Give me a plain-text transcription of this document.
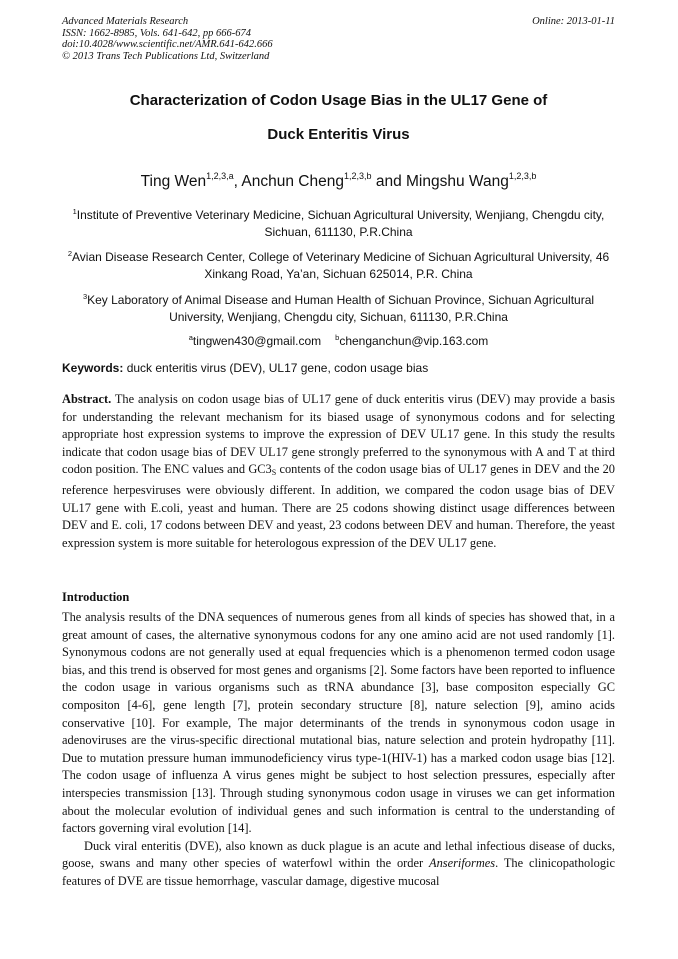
Advanced Materials Research
ISSN: 1662-8985, Vols. 641-642, pp 666-674
doi:10.4028/www.scientific.net/AMR.641-642.666
© 2013 Trans Tech Publications Ltd, Switzerland
Online: 2013-01-11
Characterization of Codon Usage Bias in the UL17 Gene of
Duck Enteritis Virus
Ting Wen$^{1,2,3,a}$, Anchun Cheng$^{1,2,3,b}$ and Mingshu Wang$^{1,2,3,b}$
$^1$Institute of Preventive Veterinary Medicine, Sichuan Agricultural University, Wenjiang, Chengdu city, Sichuan, 611130, P.R.China
$^2$Avian Disease Research Center, College of Veterinary Medicine of Sichuan Agricultural University, 46 Xinkang Road, Ya’an, Sichuan 625014, P.R. China
$^3$Key Laboratory of Animal Disease and Human Health of Sichuan Province, Sichuan Agricultural University, Wenjiang, Chengdu city, Sichuan, 611130, P.R.China
$^a$tingwen430@gmail.com $^b$chenganchun@vip.163.com
Keywords: duck enteritis virus (DEV), UL17 gene, codon usage bias
Abstract. The analysis on codon usage bias of UL17 gene of duck enteritis virus (DEV) may provide a basis for understanding the relevant mechanism for its biased usage of synonymous codons and for selecting appropriate host expression systems to improve the expression of DEV UL17 gene. In this study the results indicate that codon usage bias of DEV UL17 gene strongly preferred to the synonymous with A and T at third codon position. The ENC values and $GC3_S$ contents of the codon usage bias of UL17 genes in DEV and the 20 reference herpesviruses were obviously different. In addition, we compared the codon usage bias of DEV UL17 gene with E.coli, yeast and human. There are 25 codons showing distinct usage differences between DEV and E. coli, 17 codons between DEV and yeast, 23 codons between DEV and human. Therefore, the yeast expression system is more suitable for heterologous expression of the DEV UL17 gene.
Introduction
The analysis results of the DNA sequences of numerous genes from all kinds of species has showed that, in a great amount of cases, the alternative synonymous codons for any one amino acid are not used randomly [1]. Synonymous codons are not generally used at equal frequencies which is a phenomenon termed codon usage bias, and this trend is observed for most genes and organisms [2]. Some factors have been reported to influence the codon usage in various organisms such as tRNA abundance [3], base compositon especially GC compositon [4-6], gene length [7], protein secondary structure [8], nature selection [9], amino acids conservative [10]. For example, The major determinants of the trends in synonymous codon usage in adenoviruses are the virus-specific directional mutational bias, nature selection and protein hydropathy [11]. Due to mutation pressure human immunodeficiency virus type-1(HIV-1) has a marked codon usage bias [12]. The codon usage of influenza A virus genes might be subject to host selection pressures, especially after interspecies transmission [13]. Through studing synonymous codon usage in viruses we can get information about the molecular evolution of individual genes and such information is central to the understanding of factors governing viral evolution [14].
Duck viral enteritis (DVE), also known as duck plague is an acute and lethal infectious disease of ducks, goose, swans and many other species of waterfowl within the order Anseriformes. The clinicopathologic features of DVE are tissue hemorrhage, vascular damage, digestive mucosal
